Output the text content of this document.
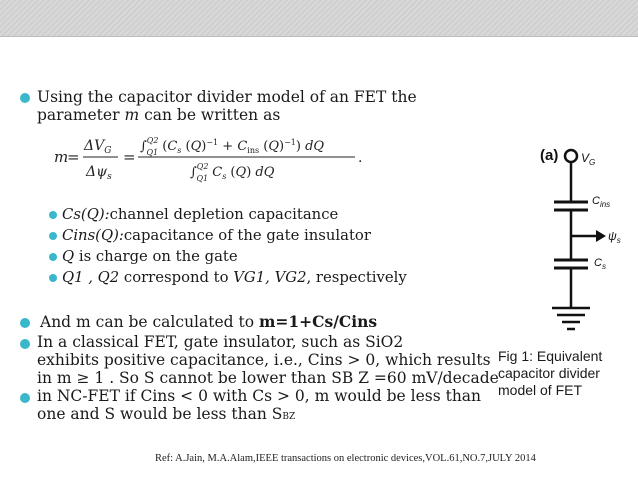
Using the capacitor divider model of an FET the
parameter m can be written as
m
=
$\Delta V_G$
$\Delta\psi_s$
=
∫$^{Q2}$ Q1 ($C_s$ $(Q)^{-1} + C_{ins}$ $(Q)^{-1}$) dQ
∫$^{Q2}$ Q1 $C_s$ (Q) dQ
.
Cs(Q):channel depletion capacitance
Cins(Q):capacitance of the gate insulator
Q is charge on the gate
Q1 , Q2 correspond to VG1, VG2, respectively
And m can be calculated to m=1+Cs/Cins
In a classical FET, gate insulator, such as SiO2
exhibits positive capacitance, i.e., Cins > 0, which results
in m ≥ 1 . So S cannot be lower than SB Z =60 mV/decade
in NC-FET if Cins < 0 with Cs > 0, m would be less than
one and S would be less than SBZ
(a) $V_G$
$C_{ins}$
$\psi_s$
$C_s$
Fig 1: Equivalent
capacitor divider
model of FET
Ref: A.Jain, M.A.Alam,IEEE transactions on electronic devices,VOL.61,NO.7,JULY 2014
